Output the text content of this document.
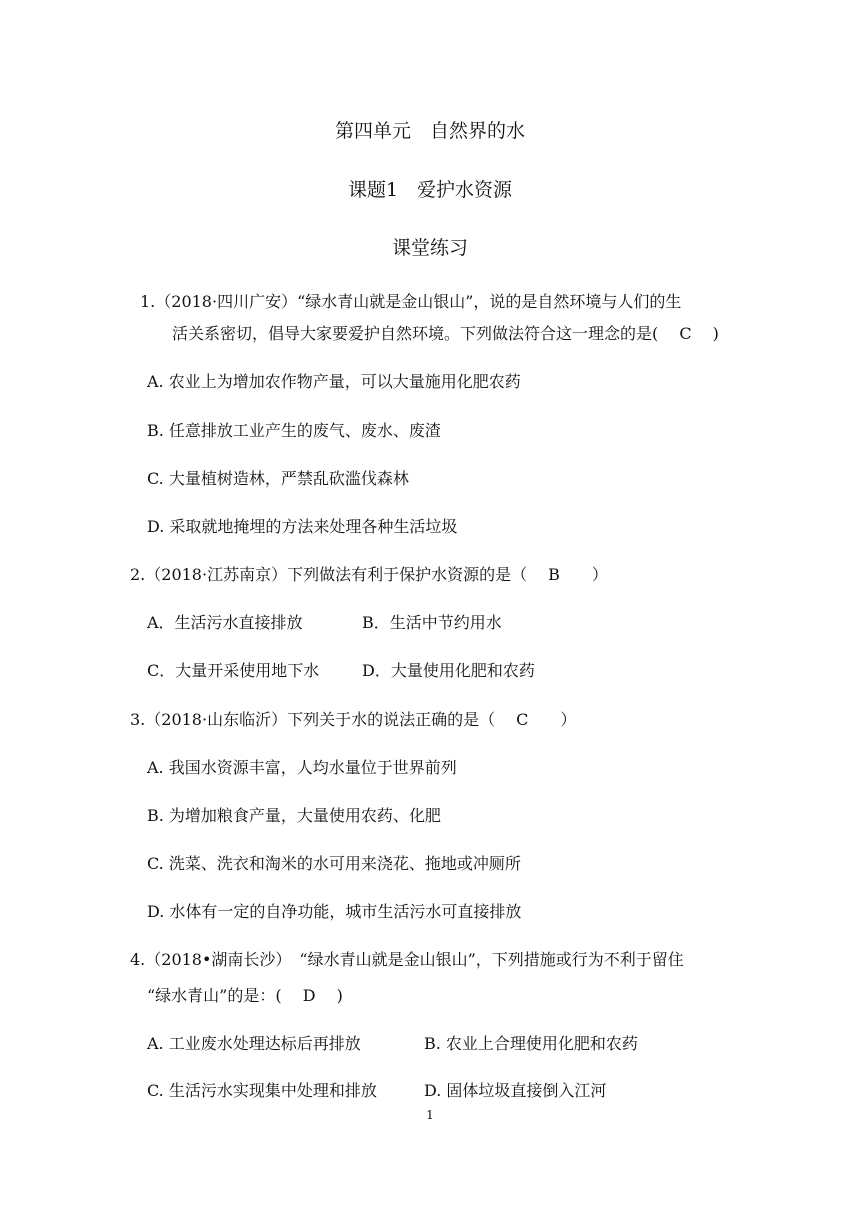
第四单元　自然界的水
课题1　爱护水资源
课堂练习
1.（2018·四川广安）“绿水青山就是金山银山”，说的是自然环境与人们的生
活关系密切，倡导大家要爱护自然环境。下列做法符合这一理念的是(　 C　 )
A. 农业上为增加农作物产量，可以大量施用化肥农药
B. 任意排放工业产生的废气、废水、废渣
C. 大量植树造林，严禁乱砍滥伐森林
D. 采取就地掩埋的方法来处理各种生活垃圾
2.（2018·江苏南京）下列做法有利于保护水资源的是（　 B　　）
A．生活污水直接排放	B．生活中节约用水
C．大量开采使用地下水	D．大量使用化肥和农药
3.（2018·山东临沂）下列关于水的说法正确的是（　 C　　）
A. 我国水资源丰富，人均水量位于世界前列
B. 为增加粮食产量，大量使用农药、化肥
C. 洗菜、洗衣和淘米的水可用来浇花、拖地或冲厕所
D. 水体有一定的自净功能，城市生活污水可直接排放
4.（2018•湖南长沙）　“绿水青山就是金山银山”，下列措施或行为不利于留住
“绿水青山”的是：(　 D　 )
A. 工业废水处理达标后再排放	B. 农业上合理使用化肥和农药
C. 生活污水实现集中处理和排放	D. 固体垃圾直接倒入江河
1
